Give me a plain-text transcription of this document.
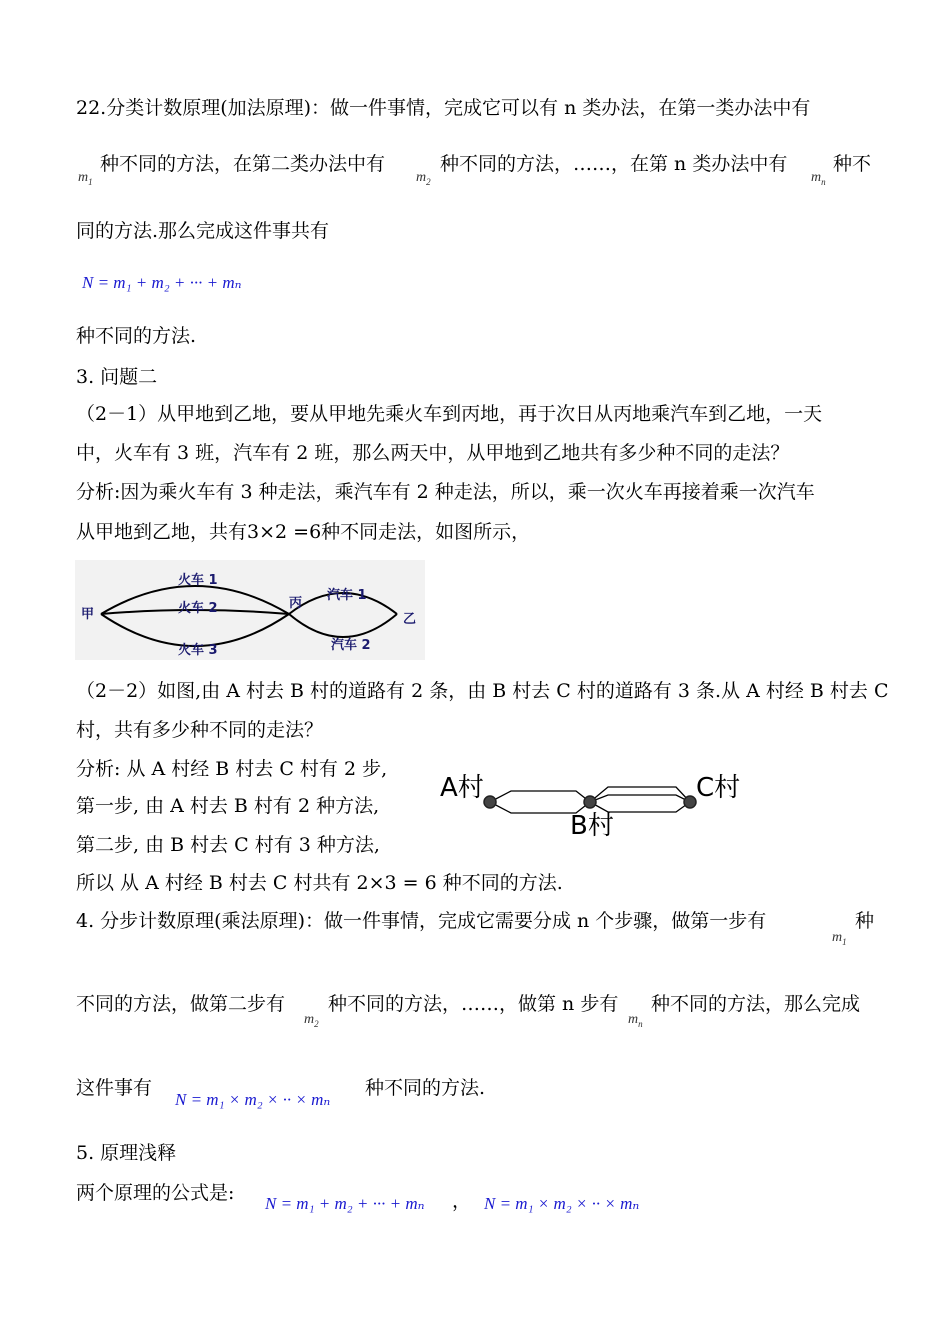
22.分类计数原理(加法原理)：做一件事情，完成它可以有 n 类办法，在第一类办法中有
$m_1$
种不同的方法，在第二类办法中有
$m_2$
种不同的方法，……，在第 n 类办法中有
$m_n$
种不
同的方法.那么完成这件事共有
N = m₁ + m₂ + ··· + mₙ
种不同的方法.
3. 问题二
（2－1）从甲地到乙地，要从甲地先乘火车到丙地，再于次日从丙地乘汽车到乙地，一天
中，火车有 3 班，汽车有 2 班，那么两天中，从甲地到乙地共有多少种不同的走法？
分析:因为乘火车有 3 种走法，乘汽车有 2 种走法，所以，乘一次火车再接着乘一次汽车
从甲地到乙地，共有3×2 =6种不同走法，如图所示，
甲
火车 1
火车 2
火车 3
丙
汽车 1
汽车 2
乙
（2－2）如图,由 A 村去 B 村的道路有 2 条，由 B 村去 C 村的道路有 3 条.从 A 村经 B 村去 C
村，共有多少种不同的走法？
分析: 从 A 村经 B 村去 C 村有 2 步,
第一步, 由 A 村去 B 村有 2 种方法,
第二步, 由 B 村去 C 村有 3 种方法,
所以 从 A 村经 B 村去 C 村共有 2×3 = 6 种不同的方法.
A村
B村
C村
4. 分步计数原理(乘法原理)：做一件事情，完成它需要分成 n 个步骤，做第一步有
$m_1$
种
不同的方法，做第二步有
$m_2$
种不同的方法，……，做第 n 步有
$m_n$
种不同的方法，那么完成
这件事有
N = m₁ × m₂ × ·· × mₙ
种不同的方法.
5. 原理浅释
两个原理的公式是: N = m₁ + m₂ + ··· + mₙ ， N = m₁ × m₂ × ·· × mₙ
